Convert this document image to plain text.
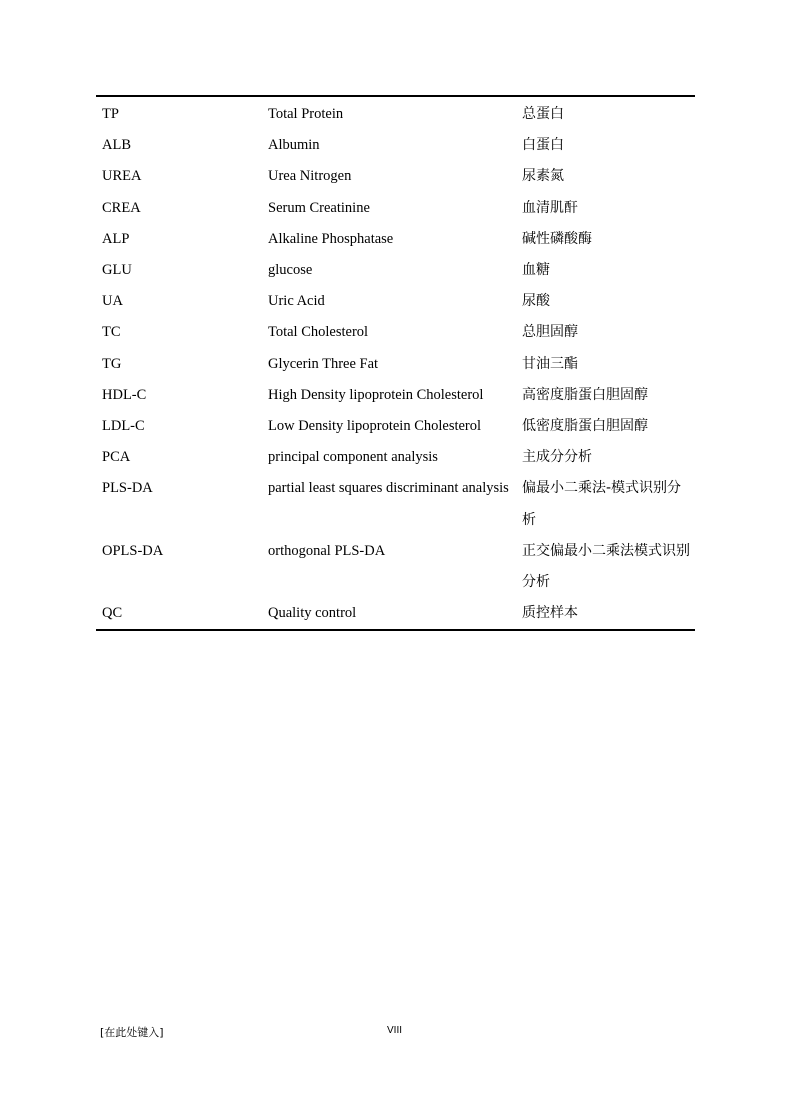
TP	Total Protein	总蛋白
ALB	Albumin	白蛋白
UREA	Urea Nitrogen	尿素氮
CREA	Serum Creatinine	血清肌酐
ALP	Alkaline Phosphatase	碱性磷酸酶
GLU	glucose	血糖
UA	Uric Acid	尿酸
TC	Total Cholesterol	总胆固醇
TG	Glycerin Three Fat	甘油三酯
HDL-C	High Density lipoprotein Cholesterol	高密度脂蛋白胆固醇
LDL-C	Low Density lipoprotein Cholesterol	低密度脂蛋白胆固醇
PCA	principal component analysis	主成分分析
PLS-DA	partial least squares discriminant analysis	偏最小二乘法-模式识别分析
OPLS-DA	orthogonal PLS-DA	正交偏最小二乘法模式识别分析
QC	Quality control	质控样本
[在此处键入]	VIII
